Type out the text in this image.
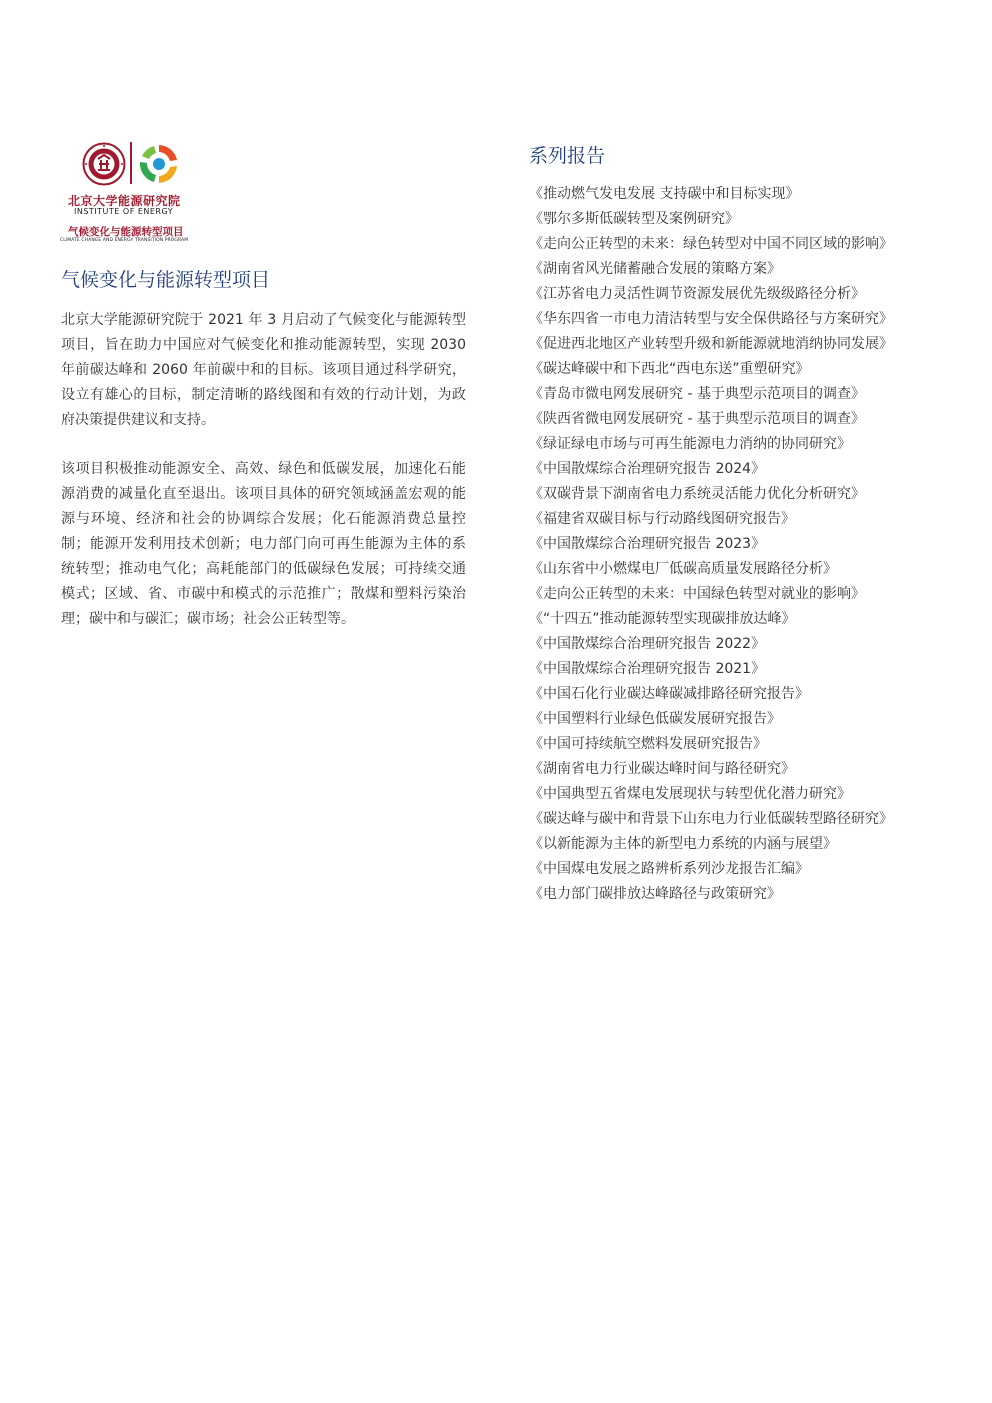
北京大学能源研究院
INSTITUTE OF ENERGY
气候变化与能源转型项目
CLIMATE CHANGE AND ENERGY TRANSITION PROGRAM
气候变化与能源转型项目

北京大学能源研究院于 2021 年 3 月启动了气候变化与能源转型项目，旨在助力中国应对气候变化和推动能源转型，实现 2030 年前碳达峰和 2060 年前碳中和的目标。该项目通过科学研究，设立有雄心的目标，制定清晰的路线图和有效的行动计划，为政府决策提供建议和支持。

该项目积极推动能源安全、高效、绿色和低碳发展，加速化石能源消费的减量化直至退出。该项目具体的研究领域涵盖宏观的能源与环境、经济和社会的协调综合发展；化石能源消费总量控制；能源开发利用技术创新；电力部门向可再生能源为主体的系统转型；推动电气化；高耗能部门的低碳绿色发展；可持续交通模式；区域、省、市碳中和模式的示范推广；散煤和塑料污染治理；碳中和与碳汇；碳市场；社会公正转型等。

系列报告
《推动燃气发电发展 支持碳中和目标实现》
《鄂尔多斯低碳转型及案例研究》
《走向公正转型的未来：绿色转型对中国不同区域的影响》
《湖南省风光储蓄融合发展的策略方案》
《江苏省电力灵活性调节资源发展优先级级路径分析》
《华东四省一市电力清洁转型与安全保供路径与方案研究》
《促进西北地区产业转型升级和新能源就地消纳协同发展》
《碳达峰碳中和下西北“西电东送”重塑研究》
《青岛市微电网发展研究 - 基于典型示范项目的调查》
《陕西省微电网发展研究 - 基于典型示范项目的调查》
《绿证绿电市场与可再生能源电力消纳的协同研究》
《中国散煤综合治理研究报告 2024》
《双碳背景下湖南省电力系统灵活能力优化分析研究》
《福建省双碳目标与行动路线图研究报告》
《中国散煤综合治理研究报告 2023》
《山东省中小燃煤电厂低碳高质量发展路径分析》
《走向公正转型的未来：中国绿色转型对就业的影响》
《“十四五”推动能源转型实现碳排放达峰》
《中国散煤综合治理研究报告 2022》
《中国散煤综合治理研究报告 2021》
《中国石化行业碳达峰碳减排路径研究报告》
《中国塑料行业绿色低碳发展研究报告》
《中国可持续航空燃料发展研究报告》
《湖南省电力行业碳达峰时间与路径研究》
《中国典型五省煤电发展现状与转型优化潜力研究》
《碳达峰与碳中和背景下山东电力行业低碳转型路径研究》
《以新能源为主体的新型电力系统的内涵与展望》
《中国煤电发展之路辨析系列沙龙报告汇编》
《电力部门碳排放达峰路径与政策研究》
